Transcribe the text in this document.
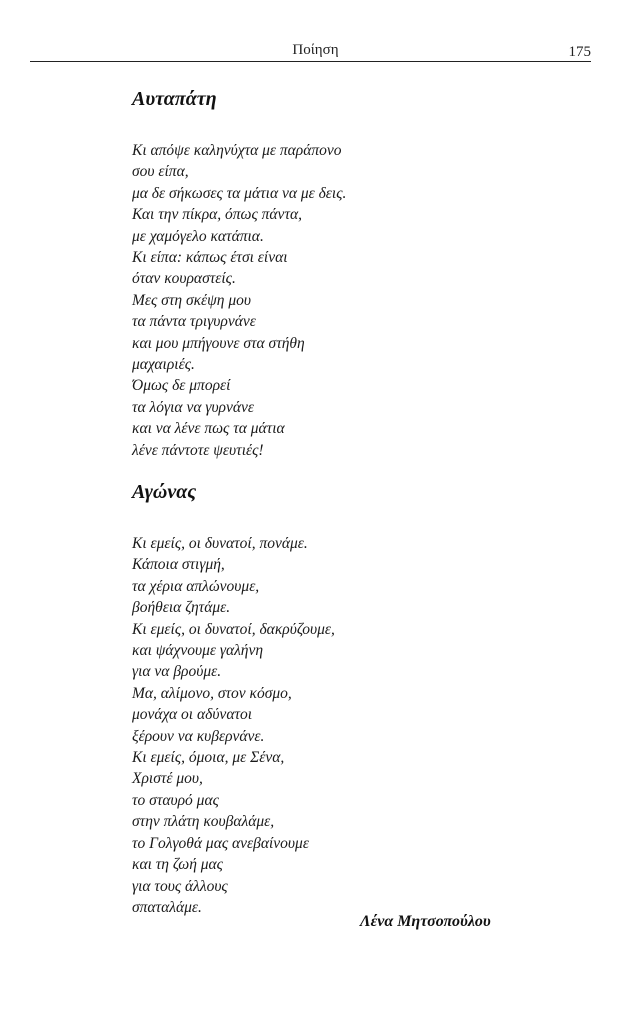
Ποίηση	175
Αυταπάτη
Κι απόψε καληνύχτα με παράπονο
σου είπα,
μα δε σήκωσες τα μάτια να με δεις.
Και την πίκρα, όπως πάντα,
με χαμόγελο κατάπια.
Κι είπα: κάπως έτσι είναι
όταν κουραστείς.
Μες στη σκέψη μου
τα πάντα τριγυρνάνε
και μου μπήγουνε στα στήθη
μαχαιριές.
Όμως δε μπορεί
τα λόγια να γυρνάνε
και να λένε πως τα μάτια
λένε πάντοτε ψευτιές!
Αγώνας
Κι εμείς, οι δυνατοί, πονάμε.
Κάποια στιγμή,
τα χέρια απλώνουμε,
βοήθεια ζητάμε.
Κι εμείς, οι δυνατοί, δακρύζουμε,
και ψάχνουμε γαλήνη
για να βρούμε.
Μα, αλίμονο, στον κόσμο,
μονάχα οι αδύνατοι
ξέρουν να κυβερνάνε.
Κι εμείς, όμοια, με Σένα,
Χριστέ μου,
το σταυρό μας
στην πλάτη κουβαλάμε,
το Γολγοθά μας ανεβαίνουμε
και τη ζωή μας
για τους άλλους
σπαταλάμε.
Λένα Μητσοπούλου
